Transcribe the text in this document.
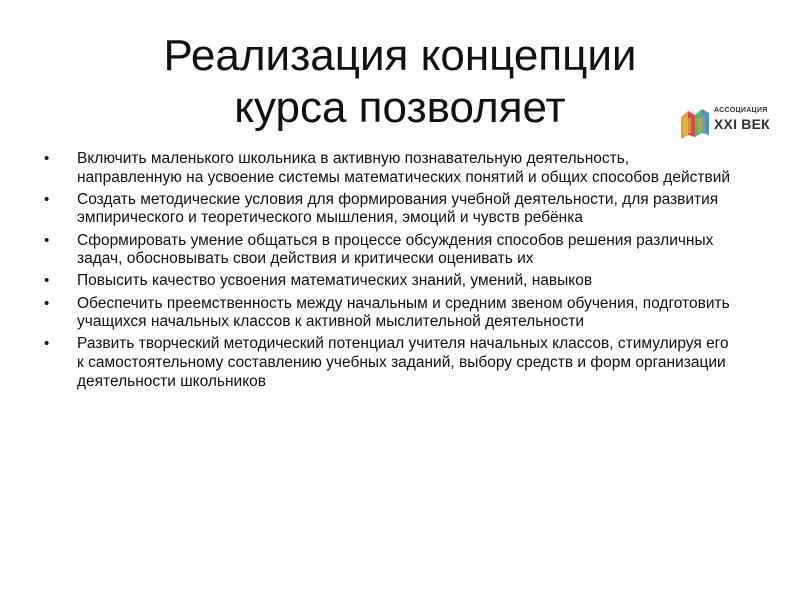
Реализация концепции
курса позволяет	АССОЦИАЦИЯ
XXI ВЕК
• Включить маленького школьника в активную познавательную деятельность, направленную на усвоение системы математических понятий и общих способов действий
• Создать методические условия для формирования учебной деятельности, для развития эмпирического и теоретического мышления, эмоций и чувств ребёнка
• Сформировать умение общаться в процессе обсуждения способов решения различных задач, обосновывать свои действия и критически оценивать их
• Повысить качество усвоения математических знаний, умений, навыков
• Обеспечить преемственность между начальным и средним звеном обучения, подготовить учащихся начальных классов к активной мыслительной деятельности
• Развить творческий методический потенциал учителя начальных классов, стимулируя его к самостоятельному составлению учебных заданий, выбору средств и форм организации деятельности школьников
